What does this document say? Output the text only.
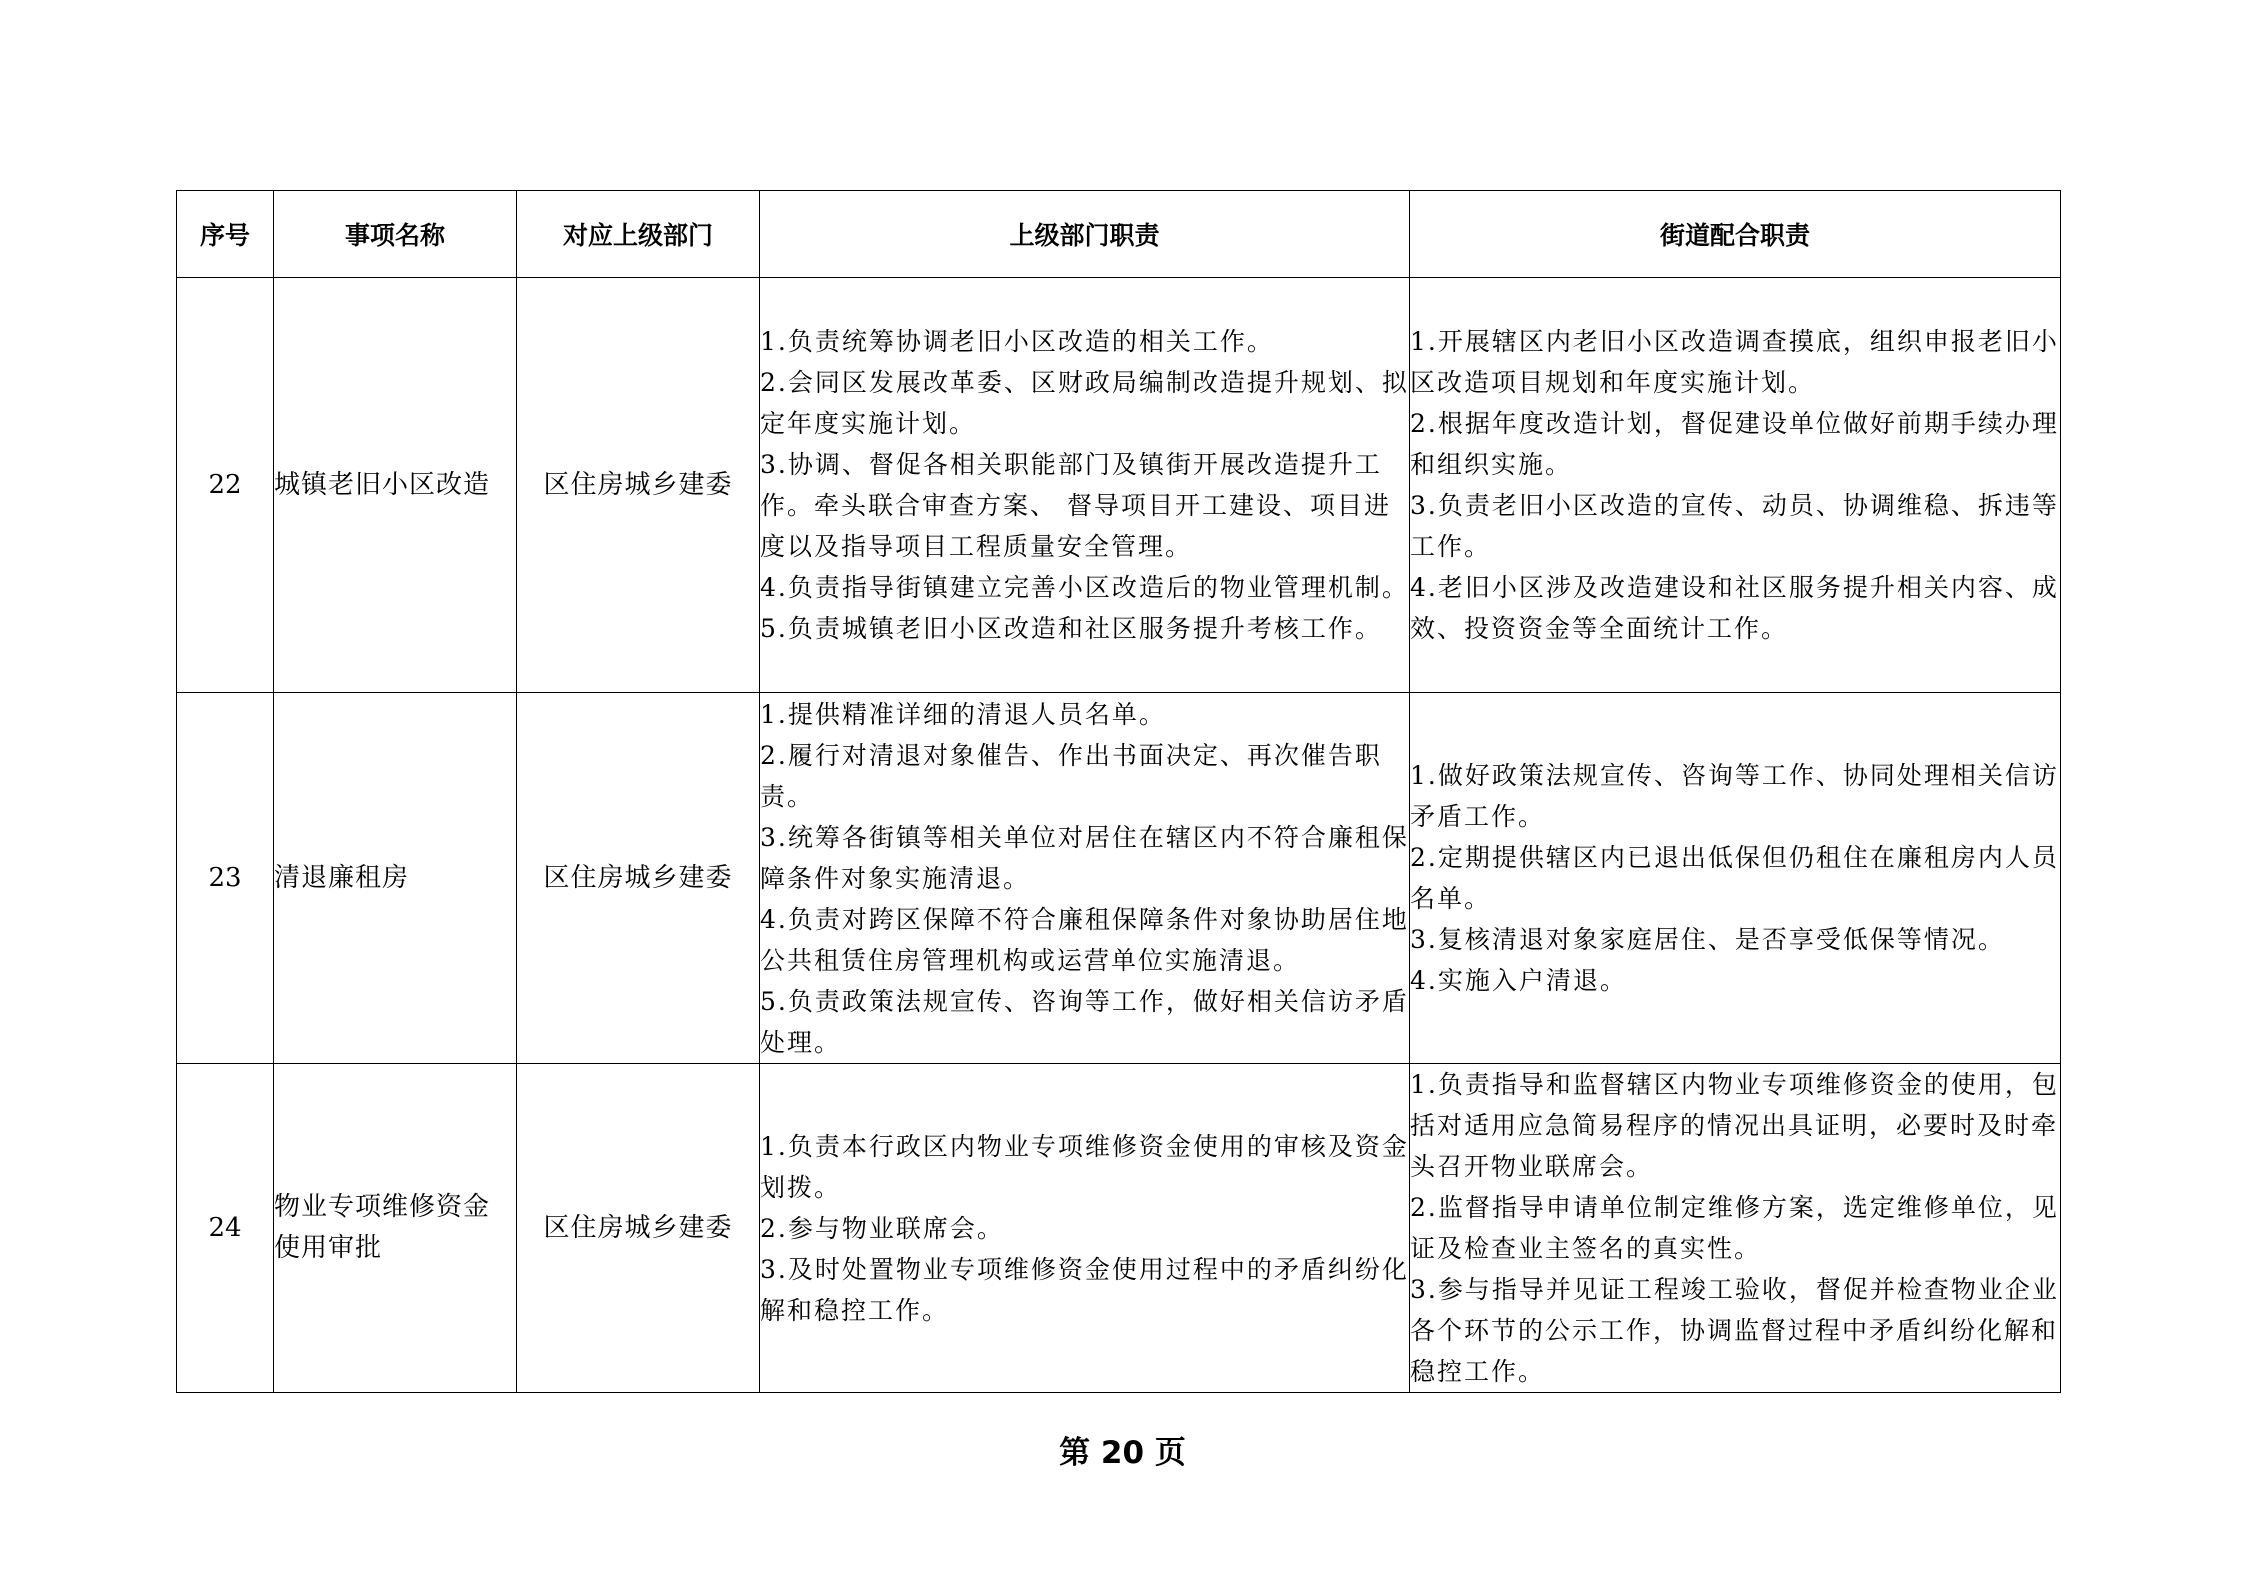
序号	事项名称	对应上级部门	上级部门职责	街道配合职责
22	城镇老旧小区改造	区住房城乡建委	1.负责统筹协调老旧小区改造的相关工作。
2.会同区发展改革委、区财政局编制改造提升规划、拟定年度实施计划。
3.协调、督促各相关职能部门及镇街开展改造提升工作。牵头联合审查方案、 督导项目开工建设、项目进度以及指导项目工程质量安全管理。
4.负责指导街镇建立完善小区改造后的物业管理机制。
5.负责城镇老旧小区改造和社区服务提升考核工作。	1.开展辖区内老旧小区改造调查摸底，组织申报老旧小区改造项目规划和年度实施计划。
2.根据年度改造计划，督促建设单位做好前期手续办理和组织实施。
3.负责老旧小区改造的宣传、动员、协调维稳、拆违等工作。
4.老旧小区涉及改造建设和社区服务提升相关内容、成效、投资资金等全面统计工作。

23	清退廉租房	区住房城乡建委	1.提供精准详细的清退人员名单。
2.履行对清退对象催告、作出书面决定、再次催告职责。
3.统筹各街镇等相关单位对居住在辖区内不符合廉租保障条件对象实施清退。
4.负责对跨区保障不符合廉租保障条件对象协助居住地公共租赁住房管理机构或运营单位实施清退。
5.负责政策法规宣传、咨询等工作，做好相关信访矛盾处理。	1.做好政策法规宣传、咨询等工作、协同处理相关信访矛盾工作。
2.定期提供辖区内已退出低保但仍租住在廉租房内人员名单。
3.复核清退对象家庭居住、是否享受低保等情况。
4.实施入户清退。

24	物业专项维修资金使用审批	区住房城乡建委	1.负责本行政区内物业专项维修资金使用的审核及资金划拨。
2.参与物业联席会。
3.及时处置物业专项维修资金使用过程中的矛盾纠纷化解和稳控工作。	1.负责指导和监督辖区内物业专项维修资金的使用，包括对适用应急简易程序的情况出具证明，必要时及时牵头召开物业联席会。
2.监督指导申请单位制定维修方案，选定维修单位，见证及检查业主签名的真实性。
3.参与指导并见证工程竣工验收，督促并检查物业企业各个环节的公示工作，协调监督过程中矛盾纠纷化解和稳控工作。
第 20 页
